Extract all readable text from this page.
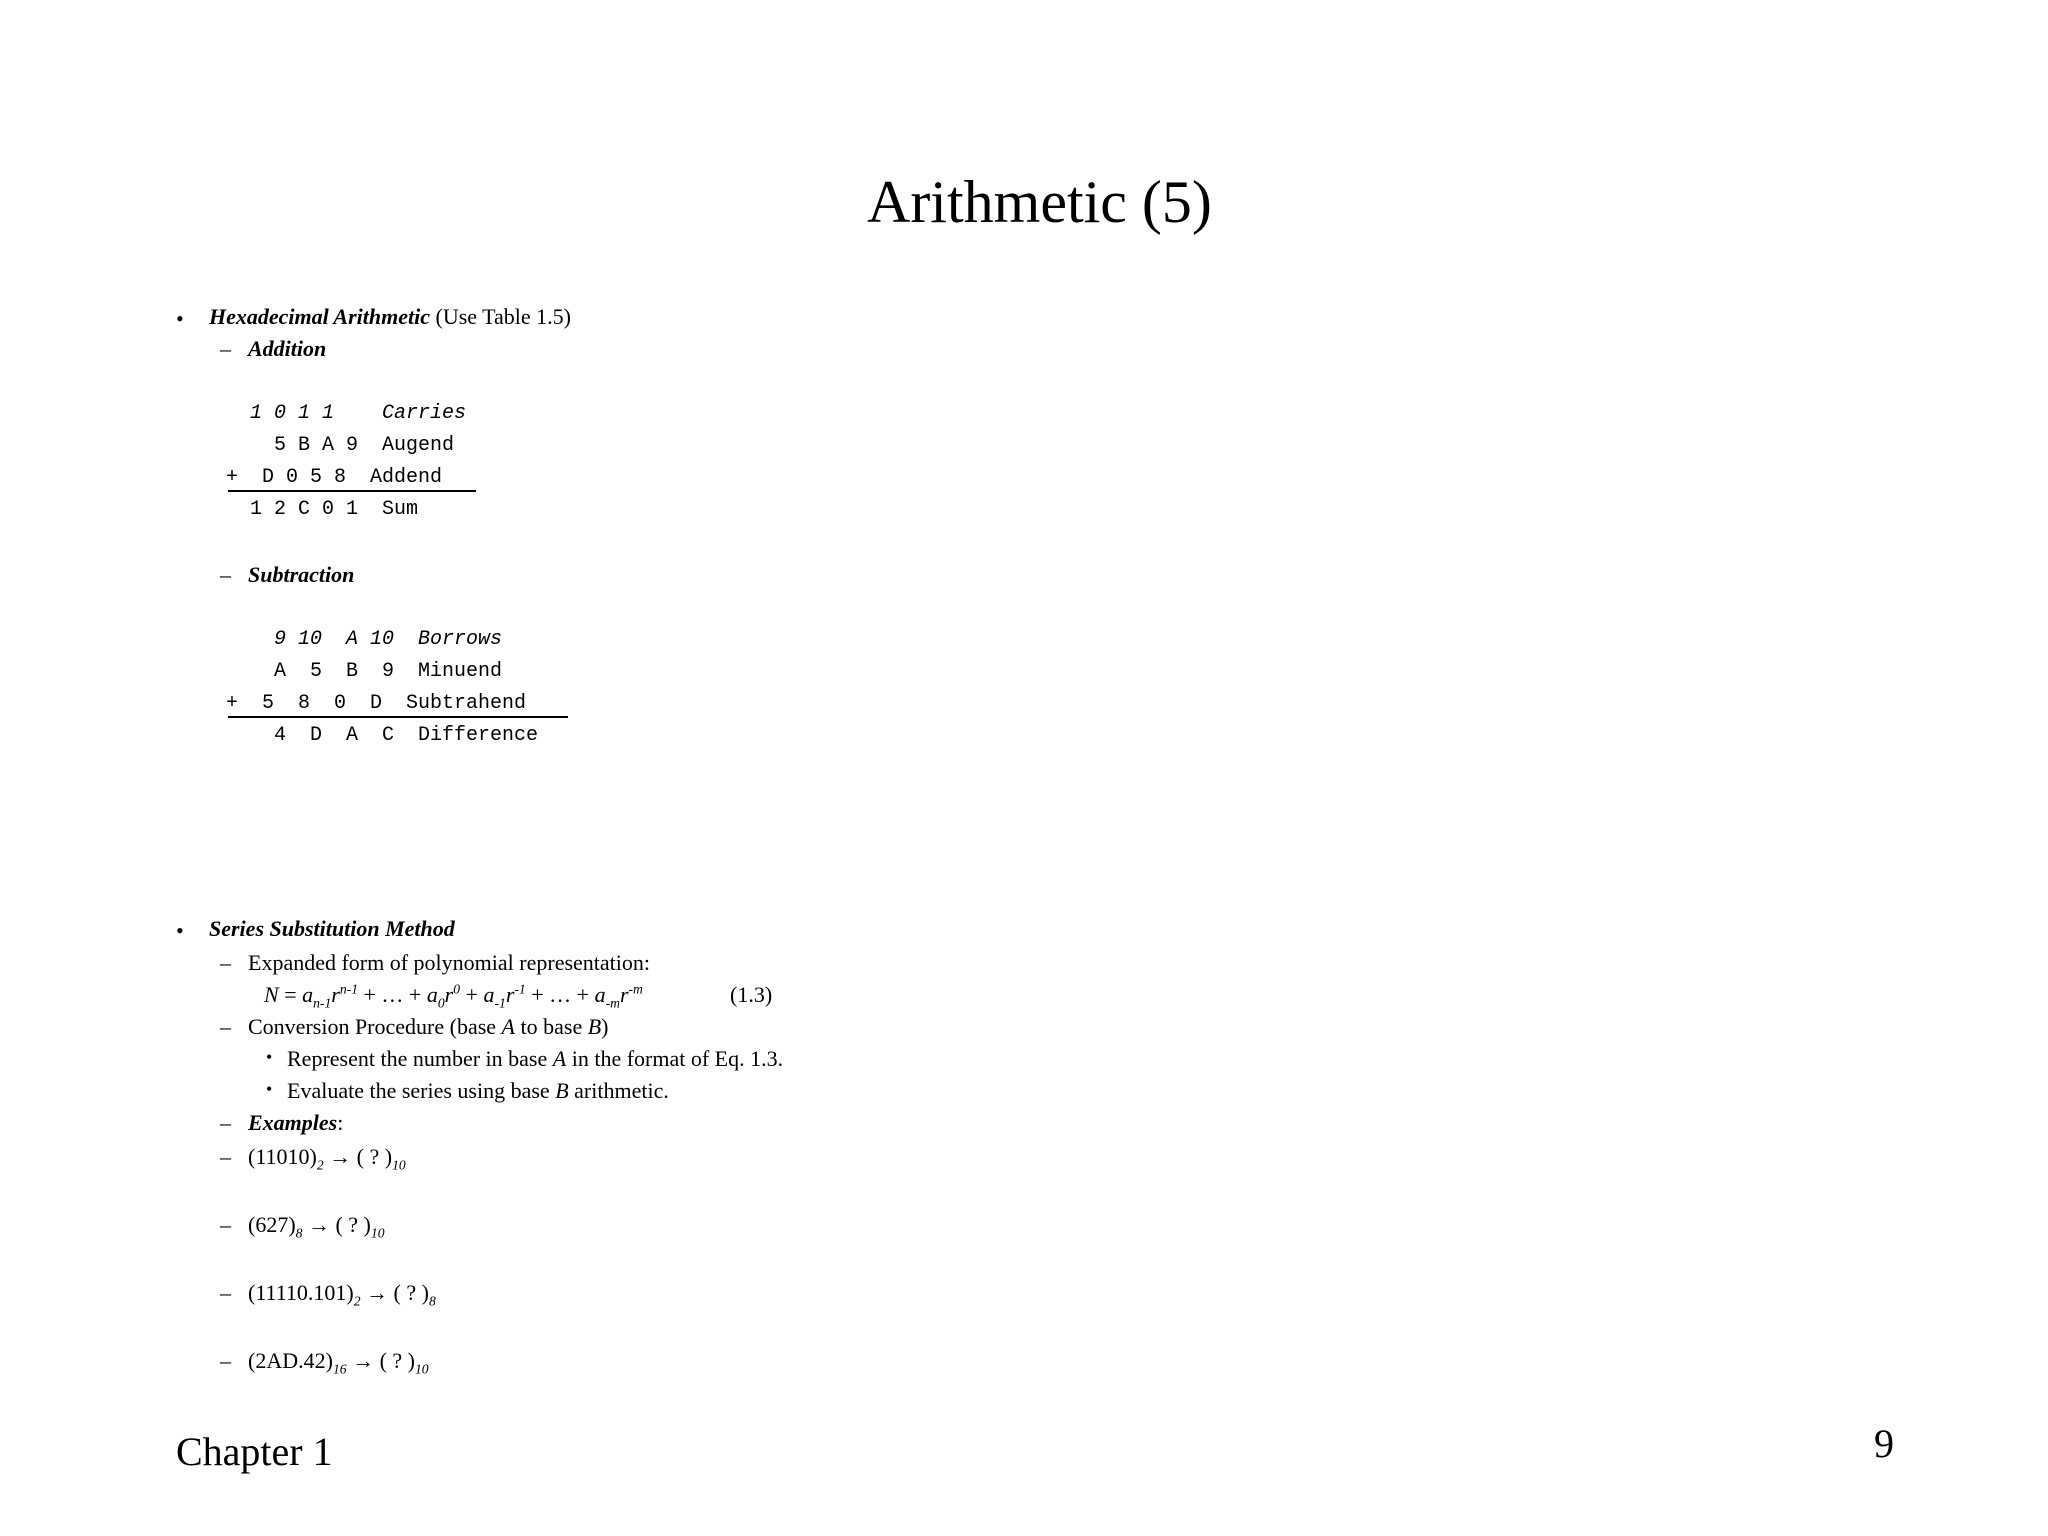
Arithmetic (5)
• Hexadecimal Arithmetic (Use Table 1.5)
– Addition
1 0 1 1    Carries
5 B A 9  Augend
+  D 0 5 8  Addend
1 2 C 0 1  Sum
– Subtraction
9 10  A 10  Borrows
A  5  B  9  Minuend
+  5  8  0  D  Subtrahend
4  D  A  C  Difference
• Series Substitution Method
– Expanded form of polynomial representation:
$N = a_{n-1}r^{n-1}$ + … + $a_0r^0 + a_{-1}r^{-1}$ + … + $a_{-m}r^{-m}$	(1.3)
– Conversion Procedure (base A to base B)
• Represent the number in base A in the format of Eq. 1.3.
• Evaluate the series using base B arithmetic.
– Examples:
– $(11010)_2$ → ( ? )$_{10}$
– $(627)_8$ → ( ? )$_{10}$
– $(11110.101)_2$ → ( ? )$_8$
– $(2AD.42)_{16}$ → ( ? )$_{10}$
Chapter 1	9
